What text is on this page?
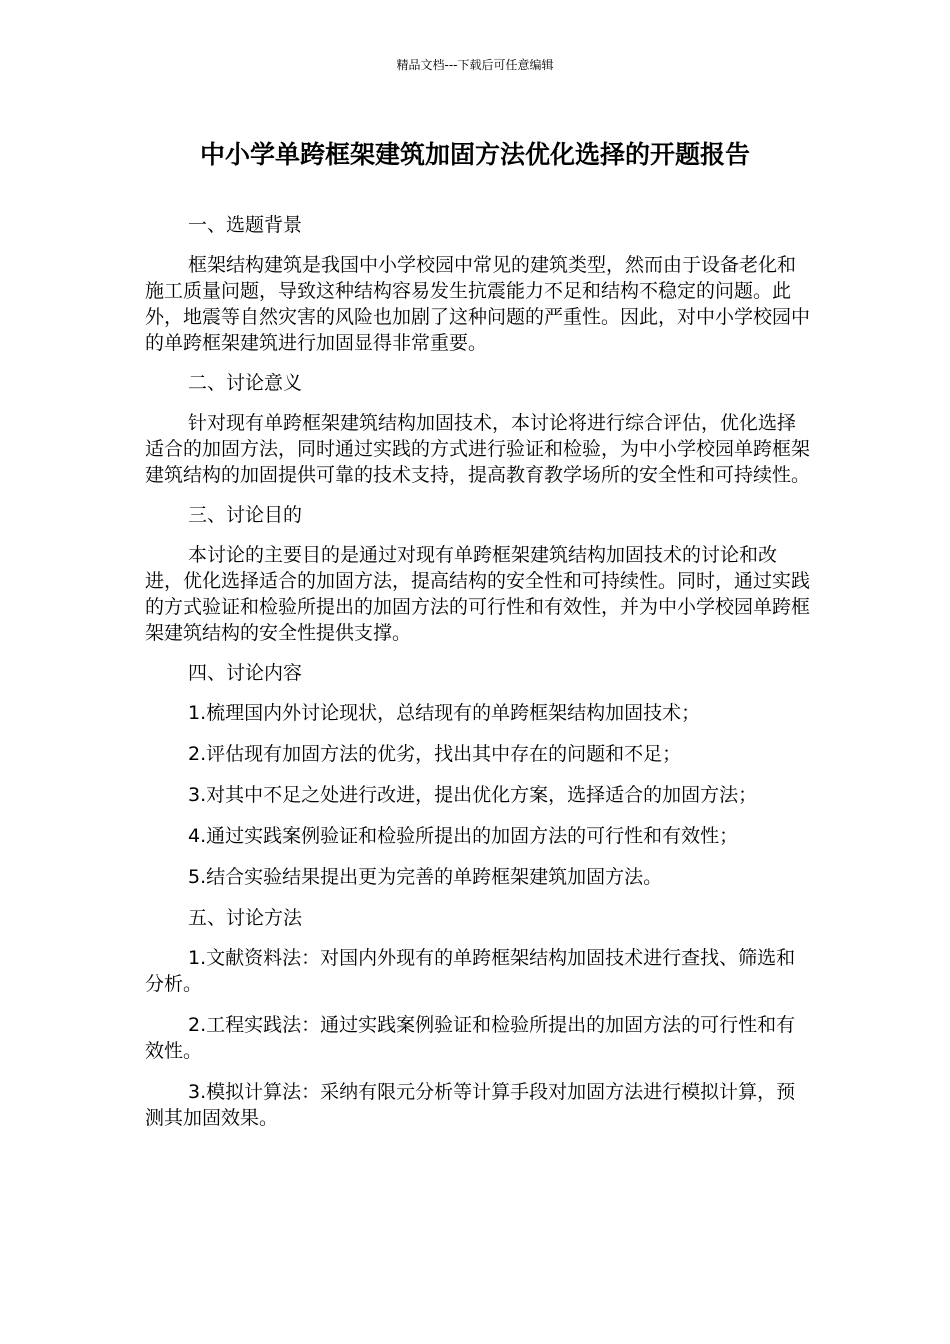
精品文档---下载后可任意编辑
中小学单跨框架建筑加固方法优化选择的开题报告

一、选题背景

框架结构建筑是我国中小学校园中常见的建筑类型，然而由于设备老化和施工质量问题，导致这种结构容易发生抗震能力不足和结构不稳定的问题。此外，地震等自然灾害的风险也加剧了这种问题的严重性。因此，对中小学校园中的单跨框架建筑进行加固显得非常重要。

二、讨论意义

针对现有单跨框架建筑结构加固技术，本讨论将进行综合评估，优化选择适合的加固方法，同时通过实践的方式进行验证和检验，为中小学校园单跨框架建筑结构的加固提供可靠的技术支持，提高教育教学场所的安全性和可持续性。

三、讨论目的

本讨论的主要目的是通过对现有单跨框架建筑结构加固技术的讨论和改进，优化选择适合的加固方法，提高结构的安全性和可持续性。同时，通过实践的方式验证和检验所提出的加固方法的可行性和有效性，并为中小学校园单跨框架建筑结构的安全性提供支撑。

四、讨论内容

1.梳理国内外讨论现状，总结现有的单跨框架结构加固技术；

2.评估现有加固方法的优劣，找出其中存在的问题和不足；

3.对其中不足之处进行改进，提出优化方案，选择适合的加固方法；

4.通过实践案例验证和检验所提出的加固方法的可行性和有效性；

5.结合实验结果提出更为完善的单跨框架建筑加固方法。

五、讨论方法

1.文献资料法：对国内外现有的单跨框架结构加固技术进行查找、筛选和分析。

2.工程实践法：通过实践案例验证和检验所提出的加固方法的可行性和有效性。

3.模拟计算法：采纳有限元分析等计算手段对加固方法进行模拟计算，预测其加固效果。
